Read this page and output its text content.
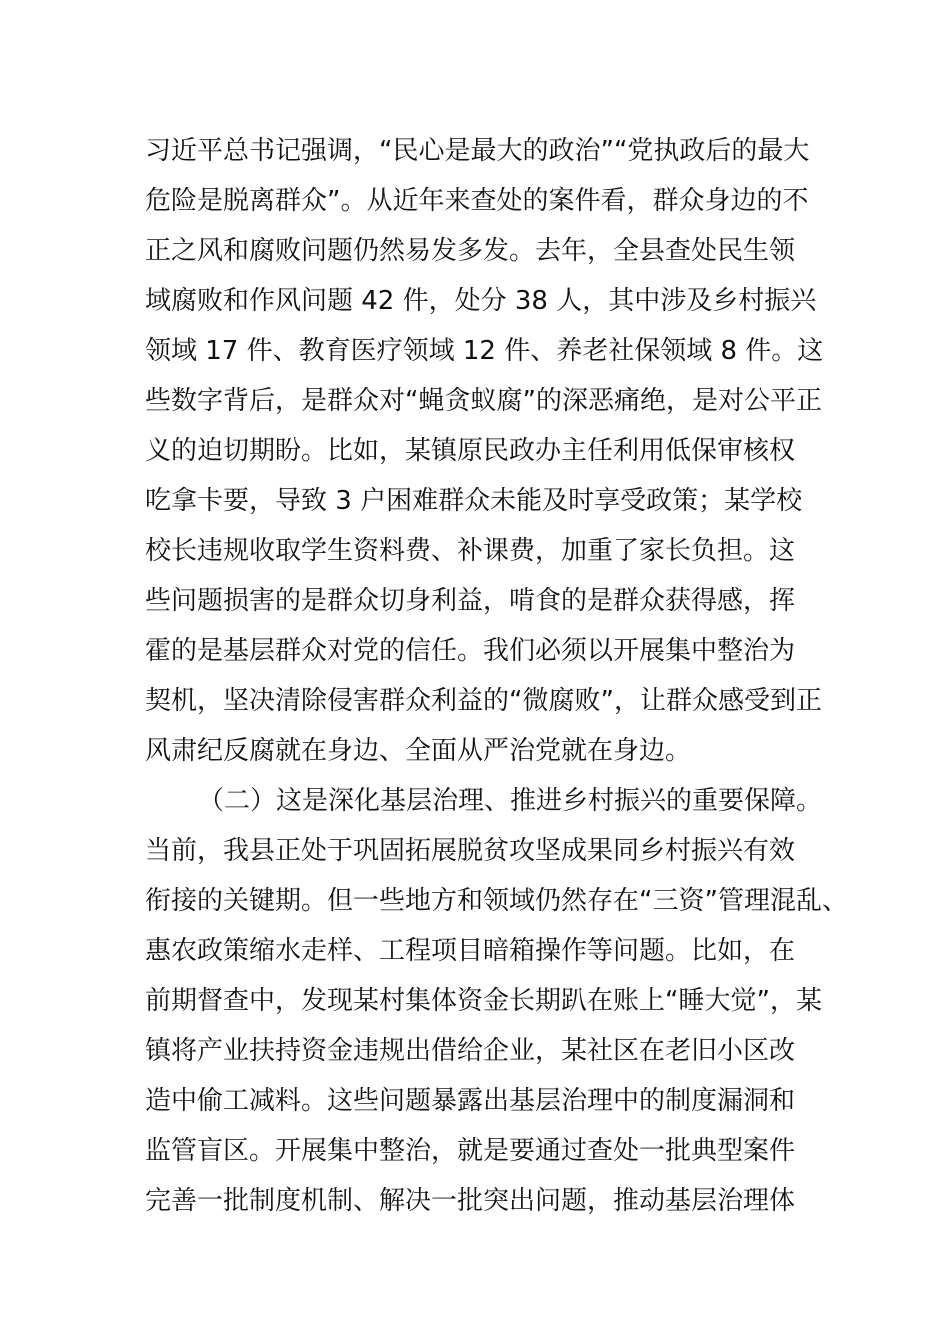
习近平总书记强调，“民心是最大的政治”“党执政后的最大
危险是脱离群众”。从近年来查处的案件看，群众身边的不
正之风和腐败问题仍然易发多发。去年，全县查处民生领
域腐败和作风问题 42 件，处分 38 人，其中涉及乡村振兴
领域 17 件、教育医疗领域 12 件、养老社保领域 8 件。这
些数字背后，是群众对“蝇贪蚁腐”的深恶痛绝，是对公平正
义的迫切期盼。比如，某镇原民政办主任利用低保审核权
吃拿卡要，导致 3 户困难群众未能及时享受政策；某学校
校长违规收取学生资料费、补课费，加重了家长负担。这
些问题损害的是群众切身利益，啃食的是群众获得感，挥
霍的是基层群众对党的信任。我们必须以开展集中整治为
契机，坚决清除侵害群众利益的“微腐败”，让群众感受到正
风肃纪反腐就在身边、全面从严治党就在身边。
（二）这是深化基层治理、推进乡村振兴的重要保障。
当前，我县正处于巩固拓展脱贫攻坚成果同乡村振兴有效
衔接的关键期。但一些地方和领域仍然存在“三资”管理混乱、
惠农政策缩水走样、工程项目暗箱操作等问题。比如，在
前期督查中，发现某村集体资金长期趴在账上“睡大觉”，某
镇将产业扶持资金违规出借给企业，某社区在老旧小区改
造中偷工减料。这些问题暴露出基层治理中的制度漏洞和
监管盲区。开展集中整治，就是要通过查处一批典型案件
完善一批制度机制、解决一批突出问题，推动基层治理体
